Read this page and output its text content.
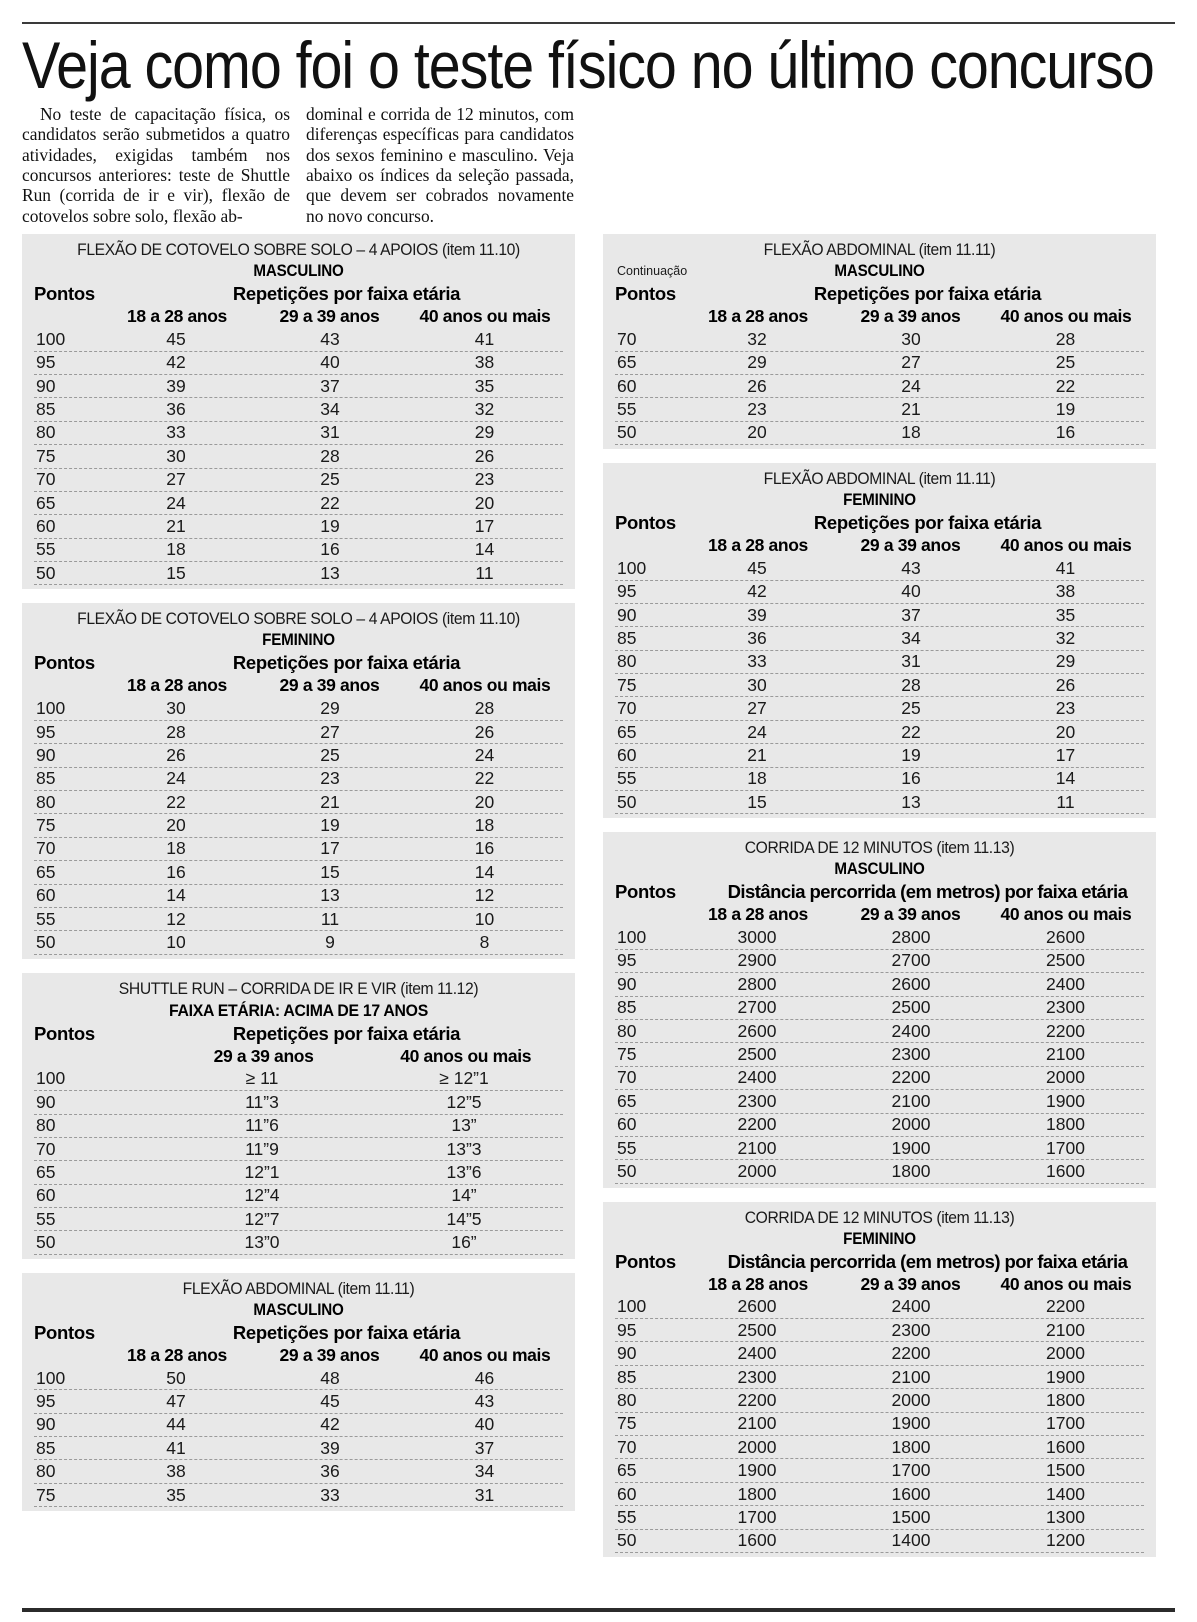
Veja como foi o teste físico no último concurso

No teste de capacitação física, os candidatos serão submetidos a quatro atividades, exigidas também nos concursos anteriores: teste de Shuttle Run (corrida de ir e vir), flexão de cotovelos sobre solo, flexão ab-

dominal e corrida de 12 minutos, com diferenças específicas para candidatos dos sexos feminino e masculino. Veja abaixo os índices da seleção passada, que devem ser cobrados novamente no novo concurso.

FLEXÃO DE COTOVELO SOBRE SOLO – 4 APOIOS (item 11.10)
MASCULINO
Pontos	Repetições por faixa etária
18 a 28 anos	29 a 39 anos	40 anos ou mais
100	45	43	41
95	42	40	38
90	39	37	35
85	36	34	32
80	33	31	29
75	30	28	26
70	27	25	23
65	24	22	20
60	21	19	17
55	18	16	14
50	15	13	11
FLEXÃO DE COTOVELO SOBRE SOLO – 4 APOIOS (item 11.10)
FEMININO
Pontos	Repetições por faixa etária
18 a 28 anos	29 a 39 anos	40 anos ou mais
100	30	29	28
95	28	27	26
90	26	25	24
85	24	23	22
80	22	21	20
75	20	19	18
70	18	17	16
65	16	15	14
60	14	13	12
55	12	11	10
50	10	9	8
SHUTTLE RUN – CORRIDA DE IR E VIR (item 11.12)
FAIXA ETÁRIA: ACIMA DE 17 ANOS
Pontos	Repetições por faixa etária
29 a 39 anos	40 anos ou mais
100	≥ 11	≥ 12”1
90	11”3	12”5
80	11”6	13”
70	11”9	13”3
65	12”1	13”6
60	12”4	14”
55	12”7	14”5
50	13”0	16”
FLEXÃO ABDOMINAL (item 11.11)
MASCULINO
Pontos	Repetições por faixa etária
18 a 28 anos	29 a 39 anos	40 anos ou mais
100	50	48	46
95	47	45	43
90	44	42	40
85	41	39	37
80	38	36	34
75	35	33	31
FLEXÃO ABDOMINAL (item 11.11)
Continuação	MASCULINO
Pontos	Repetições por faixa etária
18 a 28 anos	29 a 39 anos	40 anos ou mais
70	32	30	28
65	29	27	25
60	26	24	22
55	23	21	19
50	20	18	16
FLEXÃO ABDOMINAL (item 11.11)
FEMININO
Pontos	Repetições por faixa etária
18 a 28 anos	29 a 39 anos	40 anos ou mais
100	45	43	41
95	42	40	38
90	39	37	35
85	36	34	32
80	33	31	29
75	30	28	26
70	27	25	23
65	24	22	20
60	21	19	17
55	18	16	14
50	15	13	11
CORRIDA DE 12 MINUTOS (item 11.13)
MASCULINO
Pontos	Distância percorrida (em metros) por faixa etária
18 a 28 anos	29 a 39 anos	40 anos ou mais
100	3000	2800	2600
95	2900	2700	2500
90	2800	2600	2400
85	2700	2500	2300
80	2600	2400	2200
75	2500	2300	2100
70	2400	2200	2000
65	2300	2100	1900
60	2200	2000	1800
55	2100	1900	1700
50	2000	1800	1600
CORRIDA DE 12 MINUTOS (item 11.13)
FEMININO
Pontos	Distância percorrida (em metros) por faixa etária
18 a 28 anos	29 a 39 anos	40 anos ou mais
100	2600	2400	2200
95	2500	2300	2100
90	2400	2200	2000
85	2300	2100	1900
80	2200	2000	1800
75	2100	1900	1700
70	2000	1800	1600
65	1900	1700	1500
60	1800	1600	1400
55	1700	1500	1300
50	1600	1400	1200
